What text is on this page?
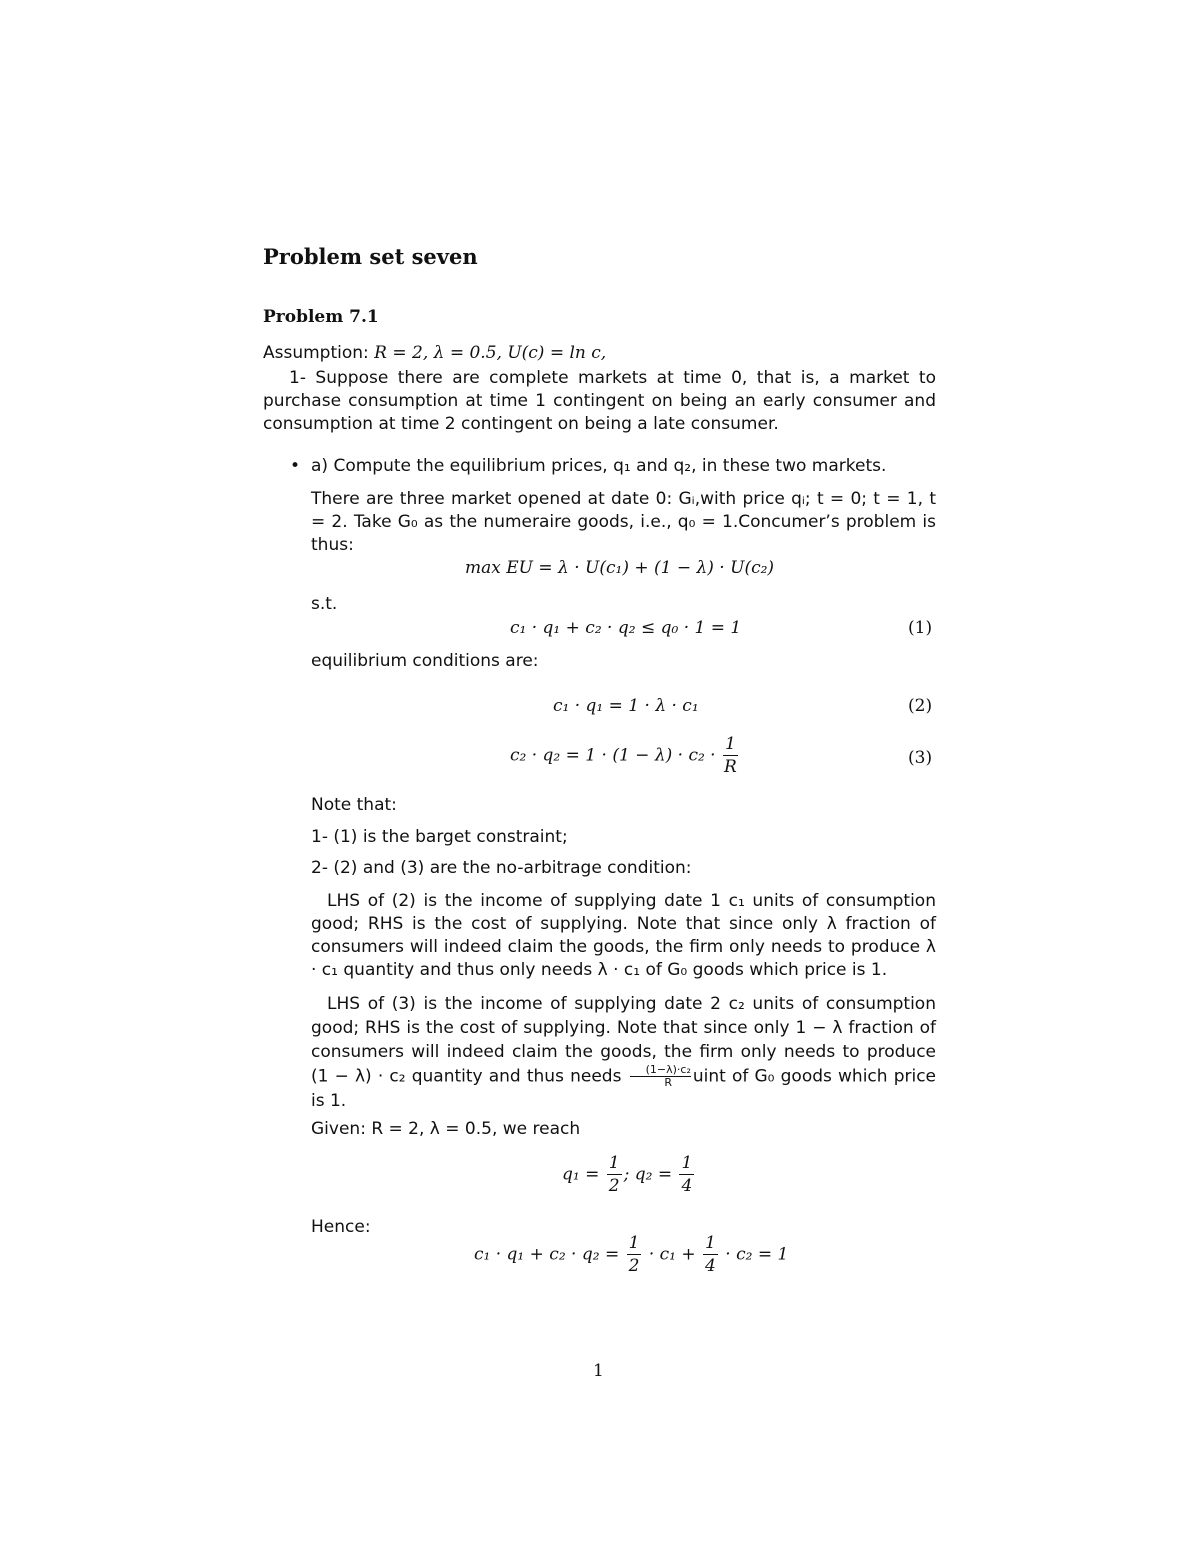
Problem set seven
Problem 7.1
Assumption: R = 2, λ = 0.5, U(c) = ln c,
1- Suppose there are complete markets at time 0, that is, a market to purchase consumption at time 1 contingent on being an early consumer and consumption at time 2 contingent on being a late consumer.
• a) Compute the equilibrium prices, q₁ and q₂, in these two markets.
There are three market opened at date 0: Gᵢ,with price qᵢ; t = 0; t = 1, t = 2. Take G₀ as the numeraire goods, i.e., q₀ = 1.Concumer’s problem is thus:
max EU = λ · U(c₁) + (1 − λ) · U(c₂)
s.t.
c₁ · q₁ + c₂ · q₂ ≤ q₀ · 1 = 1	(1)
equilibrium conditions are:
c₁ · q₁ = 1 · λ · c₁	(2)
$c_2 \cdot q_2 = 1 \cdot (1 - \lambda) \cdot c_2 \cdot \frac{1}{R}$	(3)
Note that:
1- (1) is the barget constraint;
2- (2) and (3) are the no-arbitrage condition:
LHS of (2) is the income of supplying date 1 c₁ units of consumption good; RHS is the cost of supplying. Note that since only λ fraction of consumers will indeed claim the goods, the firm only needs to produce λ · c₁ quantity and thus only needs λ · c₁ of G₀ goods which price is 1.
LHS of (3) is the income of supplying date 2 c₂ units of consumption good; RHS is the cost of supplying. Note that since only 1 − λ fraction of consumers will indeed claim the goods, the firm only needs to produce (1 − λ) · c₂ quantity and thus needs $\frac{\text{(1−λ)·c₂}}{R}$ uint of G₀ goods which price is 1.
Given: R = 2, λ = 0.5, we reach
$q_1 = \frac{1}{2}$ ; $q_2 = \frac{1}{4}$
Hence:
$c_1 \cdot q_1 + c_2 \cdot q_2 = \frac{1}{2} \cdot c_1 + \frac{1}{4} \cdot c_2 = 1$
1
